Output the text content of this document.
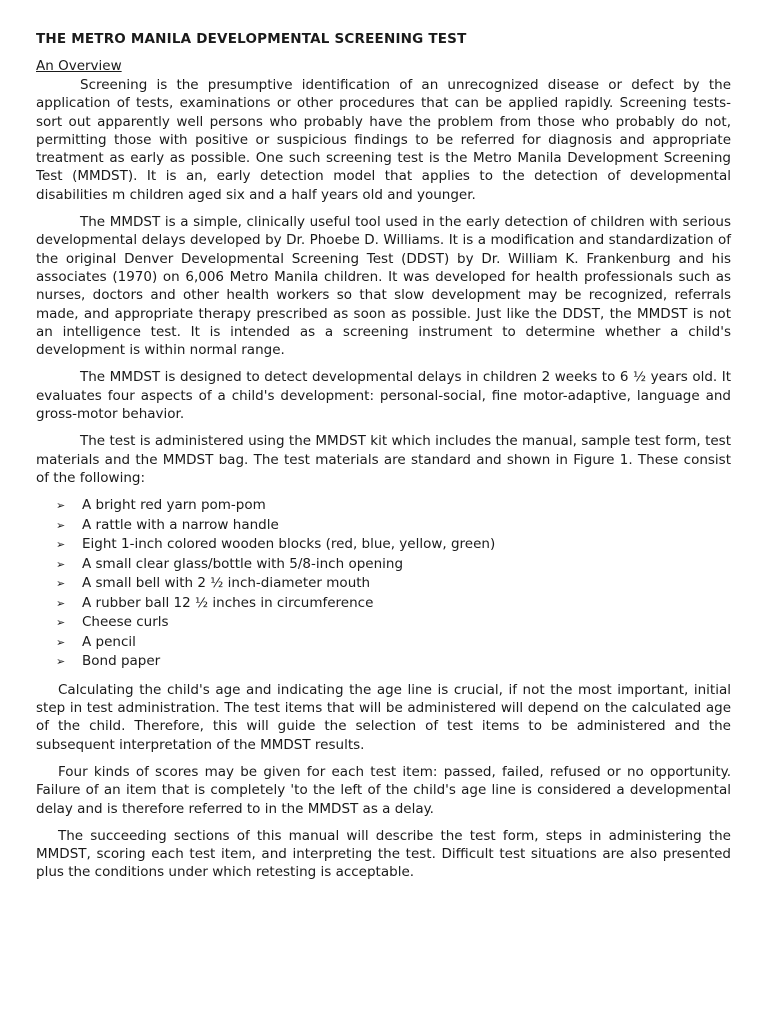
THE METRO MANILA DEVELOPMENTAL SCREENING TEST
An Overview

Screening is the presumptive identification of an unrecognized disease or defect by the application of tests, examinations or other procedures that can be applied rapidly. Screening tests- sort out apparently well persons who probably have the problem from those who probably do not, permitting those with positive or suspicious findings to be referred for diagnosis and appropriate treatment as early as possible. One such screening test is the Metro Manila Development Screening Test (MMDST). It is an, early detection model that applies to the detection of developmental disabilities m children aged six and a half years old and younger.

The MMDST is a simple, clinically useful tool used in the early detection of children with serious developmental delays developed by Dr. Phoebe D. Williams. It is a modification and standardization of the original Denver Developmental Screening Test (DDST) by Dr. William K. Frankenburg and his associates (1970) on 6,006 Metro Manila children. It was developed for health professionals such as nurses, doctors and other health workers so that slow development may be recognized, referrals made, and appropriate therapy prescribed as soon as possible. Just like the DDST, the MMDST is not an intelligence test. It is intended as a screening instrument to determine whether a child's development is within normal range.

The MMDST is designed to detect developmental delays in children 2 weeks to 6 ½ years old. It evaluates four aspects of a child's development: personal-social, fine motor-adaptive, language and gross-motor behavior.

The test is administered using the MMDST kit which includes the manual, sample test form, test materials and the MMDST bag. The test materials are standard and shown in Figure 1. These consist of the following:

➢	A bright red yarn pom-pom
➢	A rattle with a narrow handle
➢	Eight 1-inch colored wooden blocks (red, blue, yellow, green)
➢	A small clear glass/bottle with 5/8-inch opening
➢	A small bell with 2 ½ inch-diameter mouth
➢	A rubber ball 12 ½ inches in circumference
➢	Cheese curls
➢	A pencil
➢	Bond paper

Calculating the child's age and indicating the age line is crucial, if not the most important, initial step in test administration. The test items that will be administered will depend on the calculated age of the child. Therefore, this will guide the selection of test items to be administered and the subsequent interpretation of the MMDST results.

Four kinds of scores may be given for each test item: passed, failed, refused or no opportunity. Failure of an item that is completely 'to the left of the child's age line is considered a developmental delay and is therefore referred to in the MMDST as a delay.

The succeeding sections of this manual will describe the test form, steps in administering the MMDST, scoring each test item, and interpreting the test. Difficult test situations are also presented plus the conditions under which retesting is acceptable.
